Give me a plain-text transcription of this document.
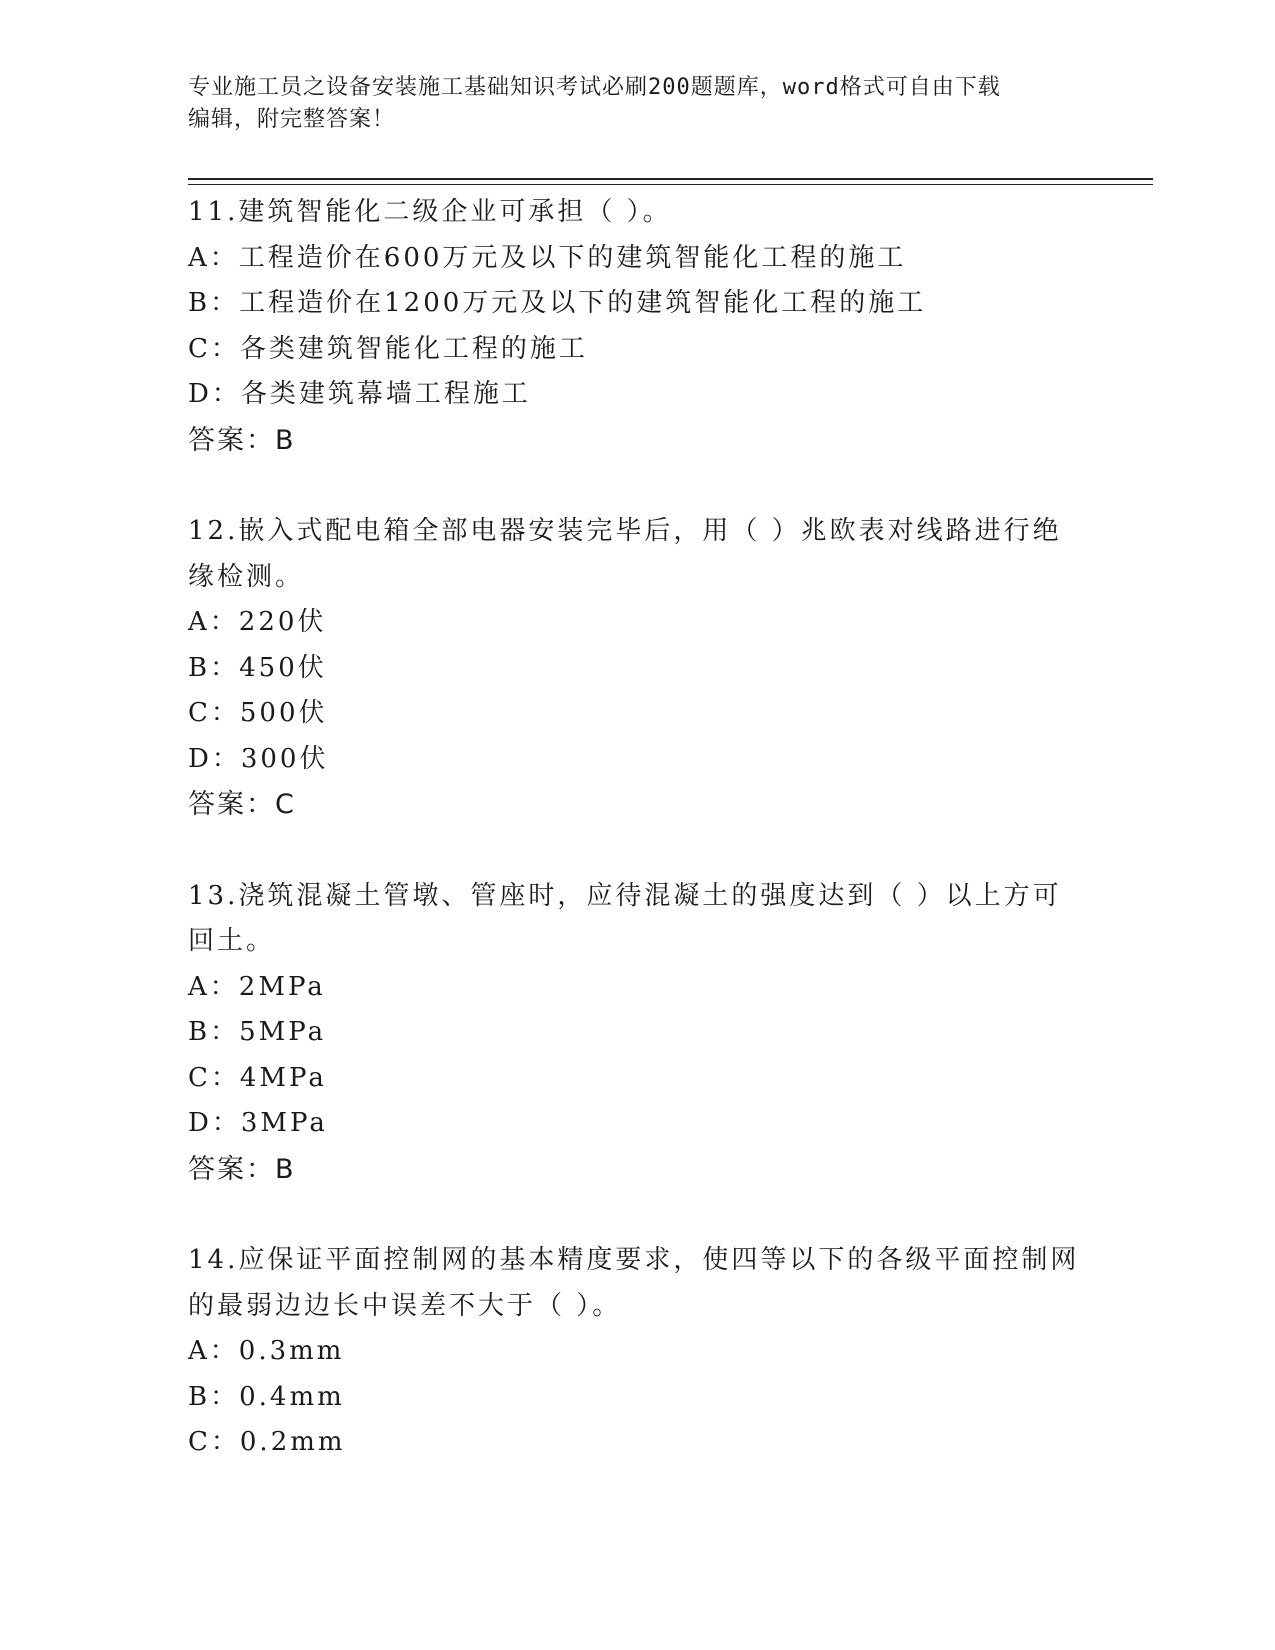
专业施工员之设备安装施工基础知识考试必刷200题题库，word格式可自由下载
编辑，附完整答案！
11.建筑智能化二级企业可承担（ ）。
A：工程造价在600万元及以下的建筑智能化工程的施工
B：工程造价在1200万元及以下的建筑智能化工程的施工
C：各类建筑智能化工程的施工
D：各类建筑幕墙工程施工
答案：B
12.嵌入式配电箱全部电器安装完毕后，用（ ）兆欧表对线路进行绝
缘检测。
A：220伏
B：450伏
C：500伏
D：300伏
答案：C
13.浇筑混凝土管墩、管座时，应待混凝土的强度达到（ ）以上方可
回土。
A：2MPa
B：5MPa
C：4MPa
D：3MPa
答案：B
14.应保证平面控制网的基本精度要求，使四等以下的各级平面控制网
的最弱边边长中误差不大于（ ）。
A：0.3mm
B：0.4mm
C：0.2mm
